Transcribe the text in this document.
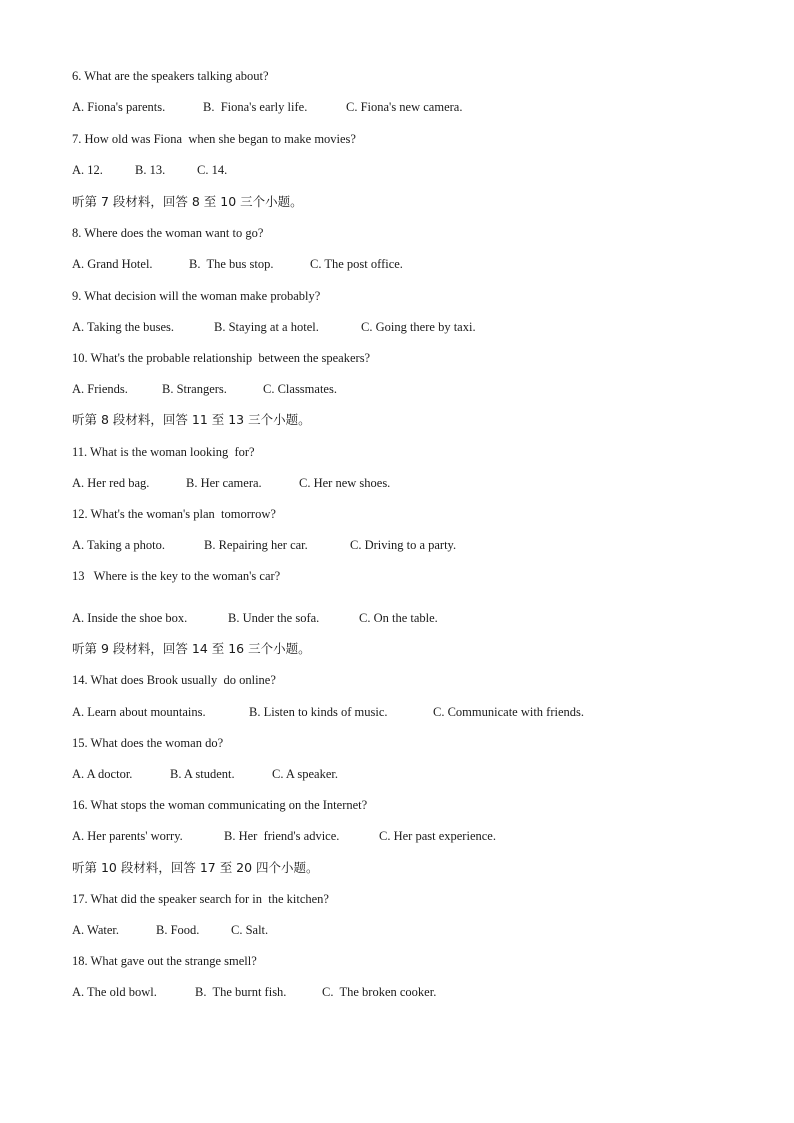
6. What are the speakers talking about?
A. Fiona's parents.	B.  Fiona's early life.	C. Fiona's new camera.
7. How old was Fiona  when she began to make movies?
A. 12.	B. 13.	C. 14.
听第 7 段材料，回答 8 至 10 三个小题。
8. Where does the woman want to go?
A. Grand Hotel.	B.  The bus stop.	C. The post office.
9. What decision will the woman make probably?
A. Taking the buses.	B. Staying at a hotel.	C. Going there by taxi.
10. What's the probable relationship  between the speakers?
A. Friends.	B. Strangers.	C. Classmates.
听第 8 段材料，回答 11 至 13 三个小题。
11. What is the woman looking  for?
A. Her red bag.	B. Her camera.	C. Her new shoes.
12. What's the woman's plan  tomorrow?
A. Taking a photo.	B. Repairing her car.	C. Driving to a party.
13   Where is the key to the woman's car?
A. Inside the shoe box.	B. Under the sofa.	C. On the table.
听第 9 段材料，回答 14 至 16 三个小题。
14. What does Brook usually  do online?
A. Learn about mountains.	B. Listen to kinds of music.	C. Communicate with friends.
15. What does the woman do?
A. A doctor.	B. A student.	C. A speaker.
16. What stops the woman communicating on the Internet?
A. Her parents' worry.	B. Her  friend's advice.	C. Her past experience.
听第 10 段材料，回答 17 至 20 四个小题。
17. What did the speaker search for in  the kitchen?
A. Water.	B. Food.	C. Salt.
18. What gave out the strange smell?
A. The old bowl.	B.  The burnt fish.	C.  The broken cooker.
